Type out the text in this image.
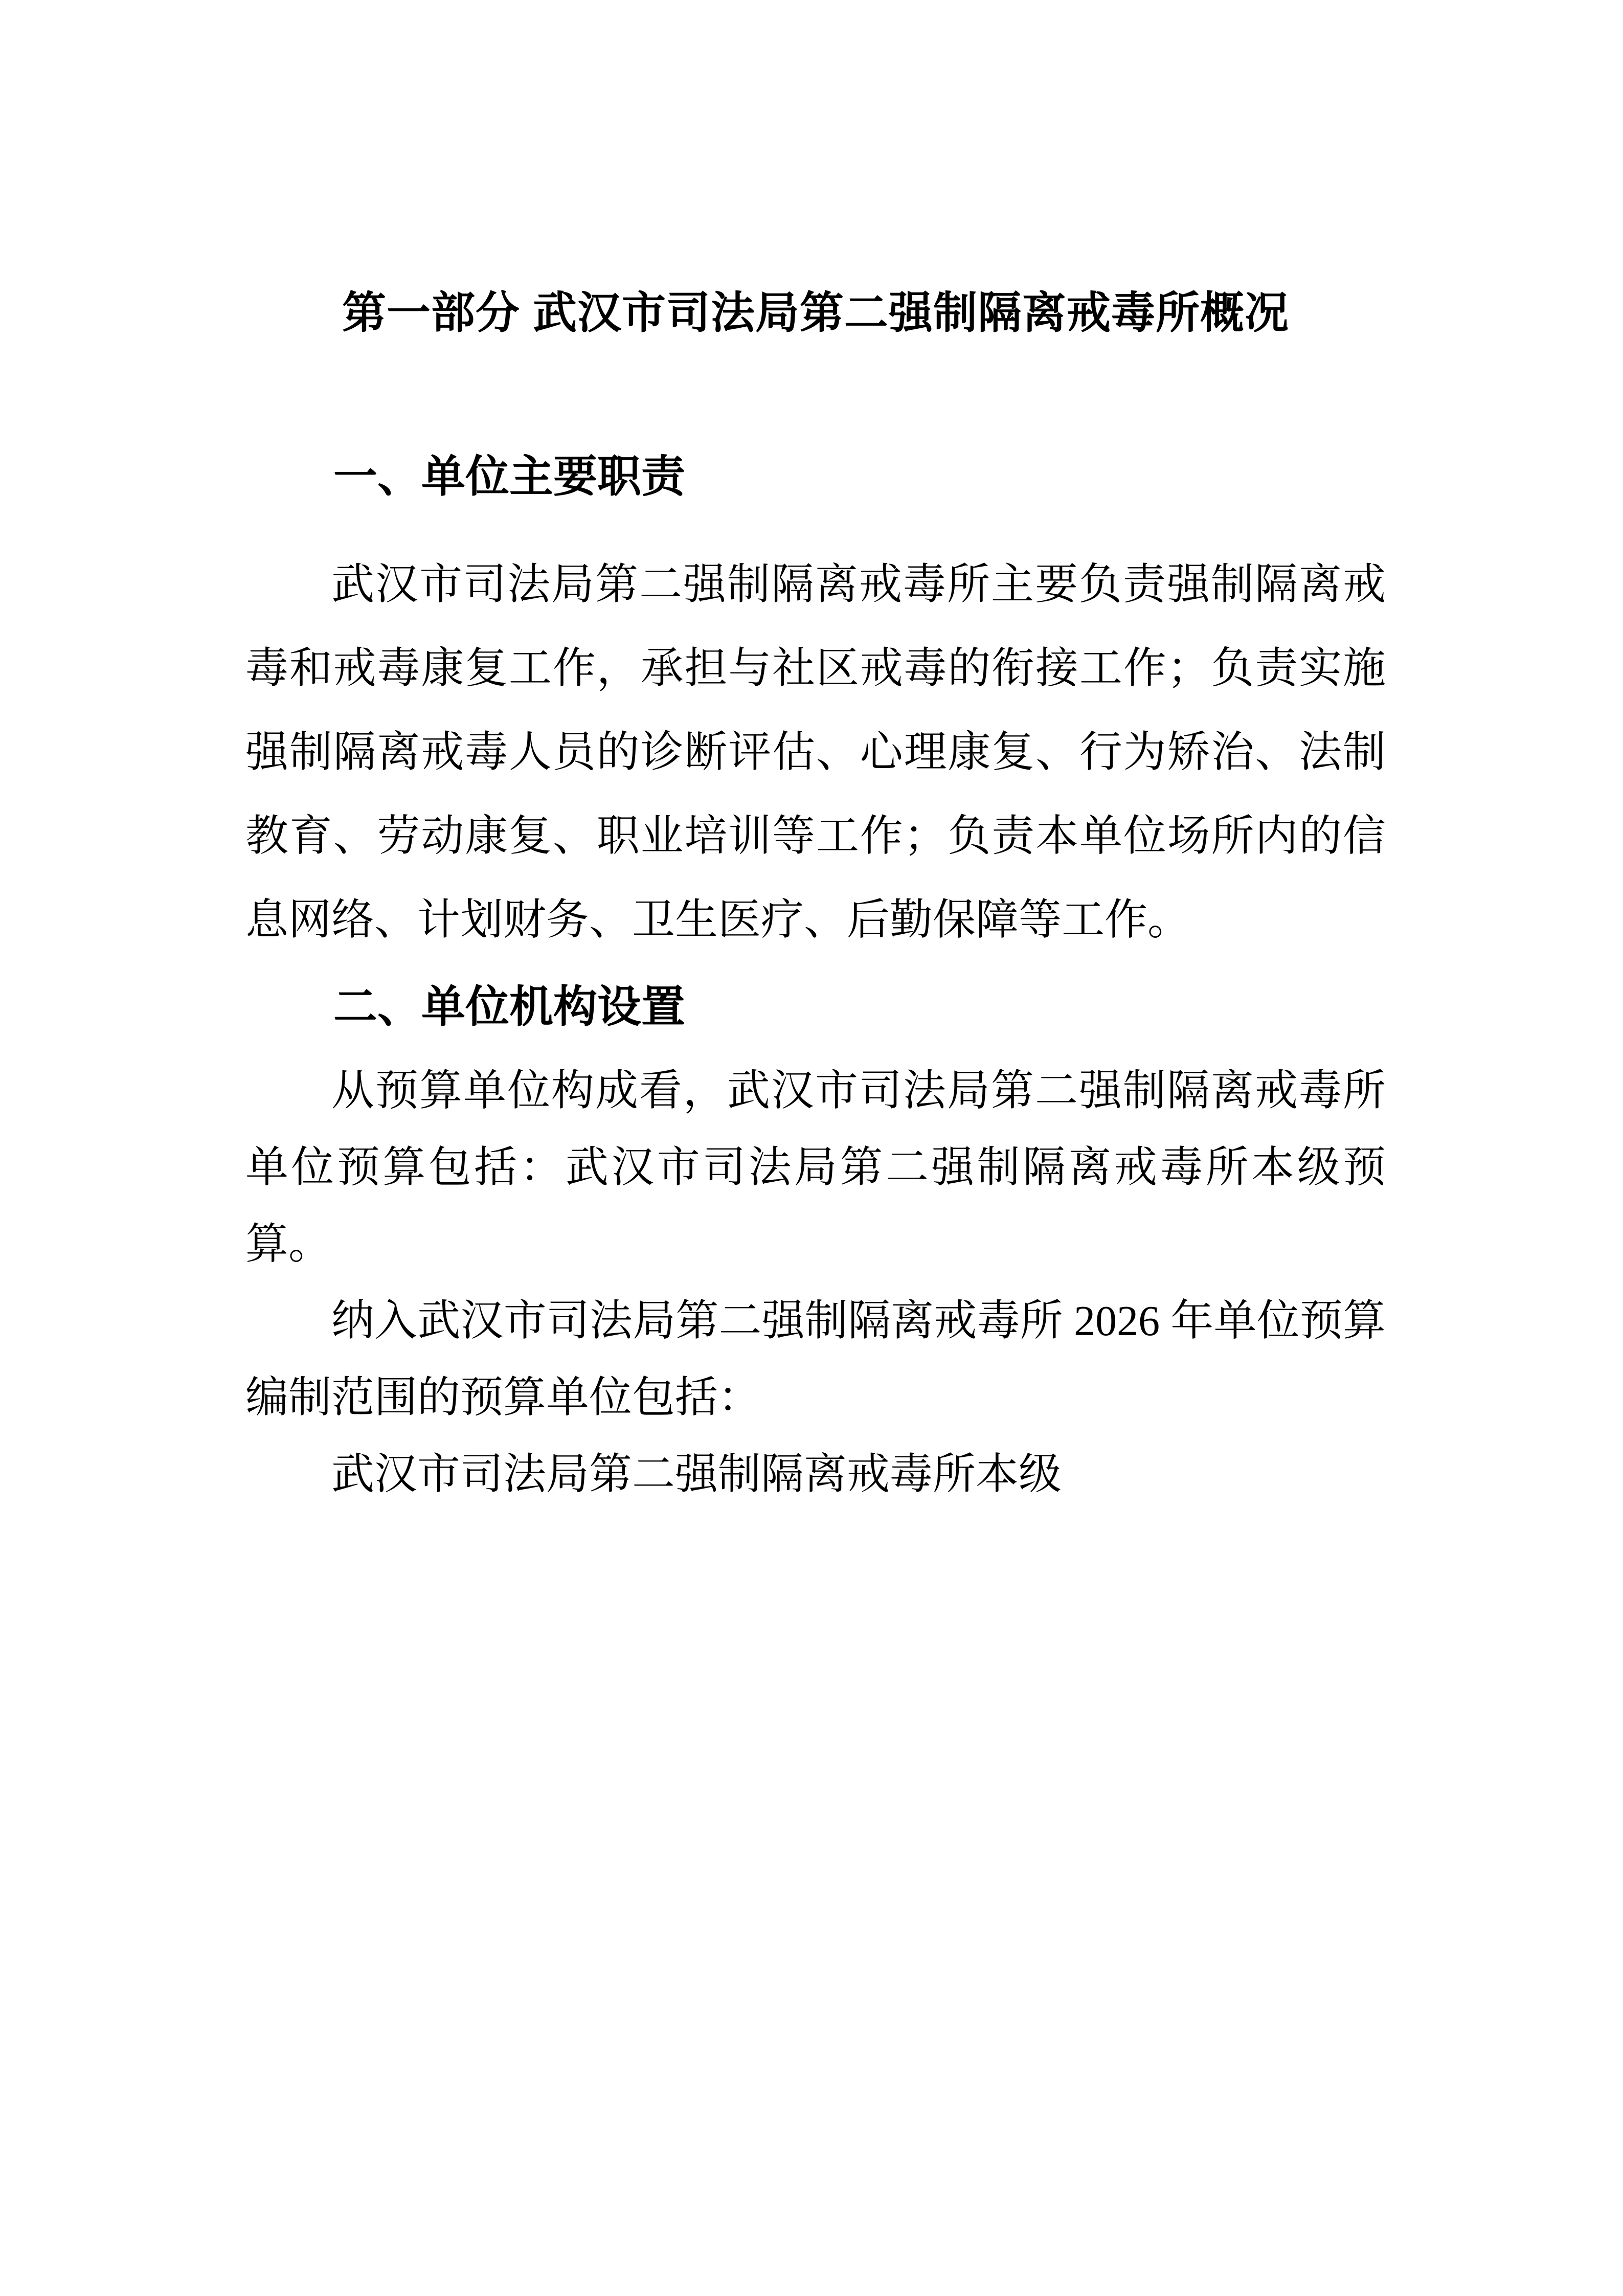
第一部分 武汉市司法局第二强制隔离戒毒所概况
一、单位主要职责

武汉市司法局第二强制隔离戒毒所主要负责强制隔离戒毒和戒毒康复工作，承担与社区戒毒的衔接工作；负责实施强制隔离戒毒人员的诊断评估、心理康复、行为矫治、法制教育、劳动康复、职业培训等工作；负责本单位场所内的信息网络、计划财务、卫生医疗、后勤保障等工作。

二、单位机构设置

从预算单位构成看，武汉市司法局第二强制隔离戒毒所单位预算包括：武汉市司法局第二强制隔离戒毒所本级预算。

纳入武汉市司法局第二强制隔离戒毒所 2026 年单位预算编制范围的预算单位包括：

武汉市司法局第二强制隔离戒毒所本级
